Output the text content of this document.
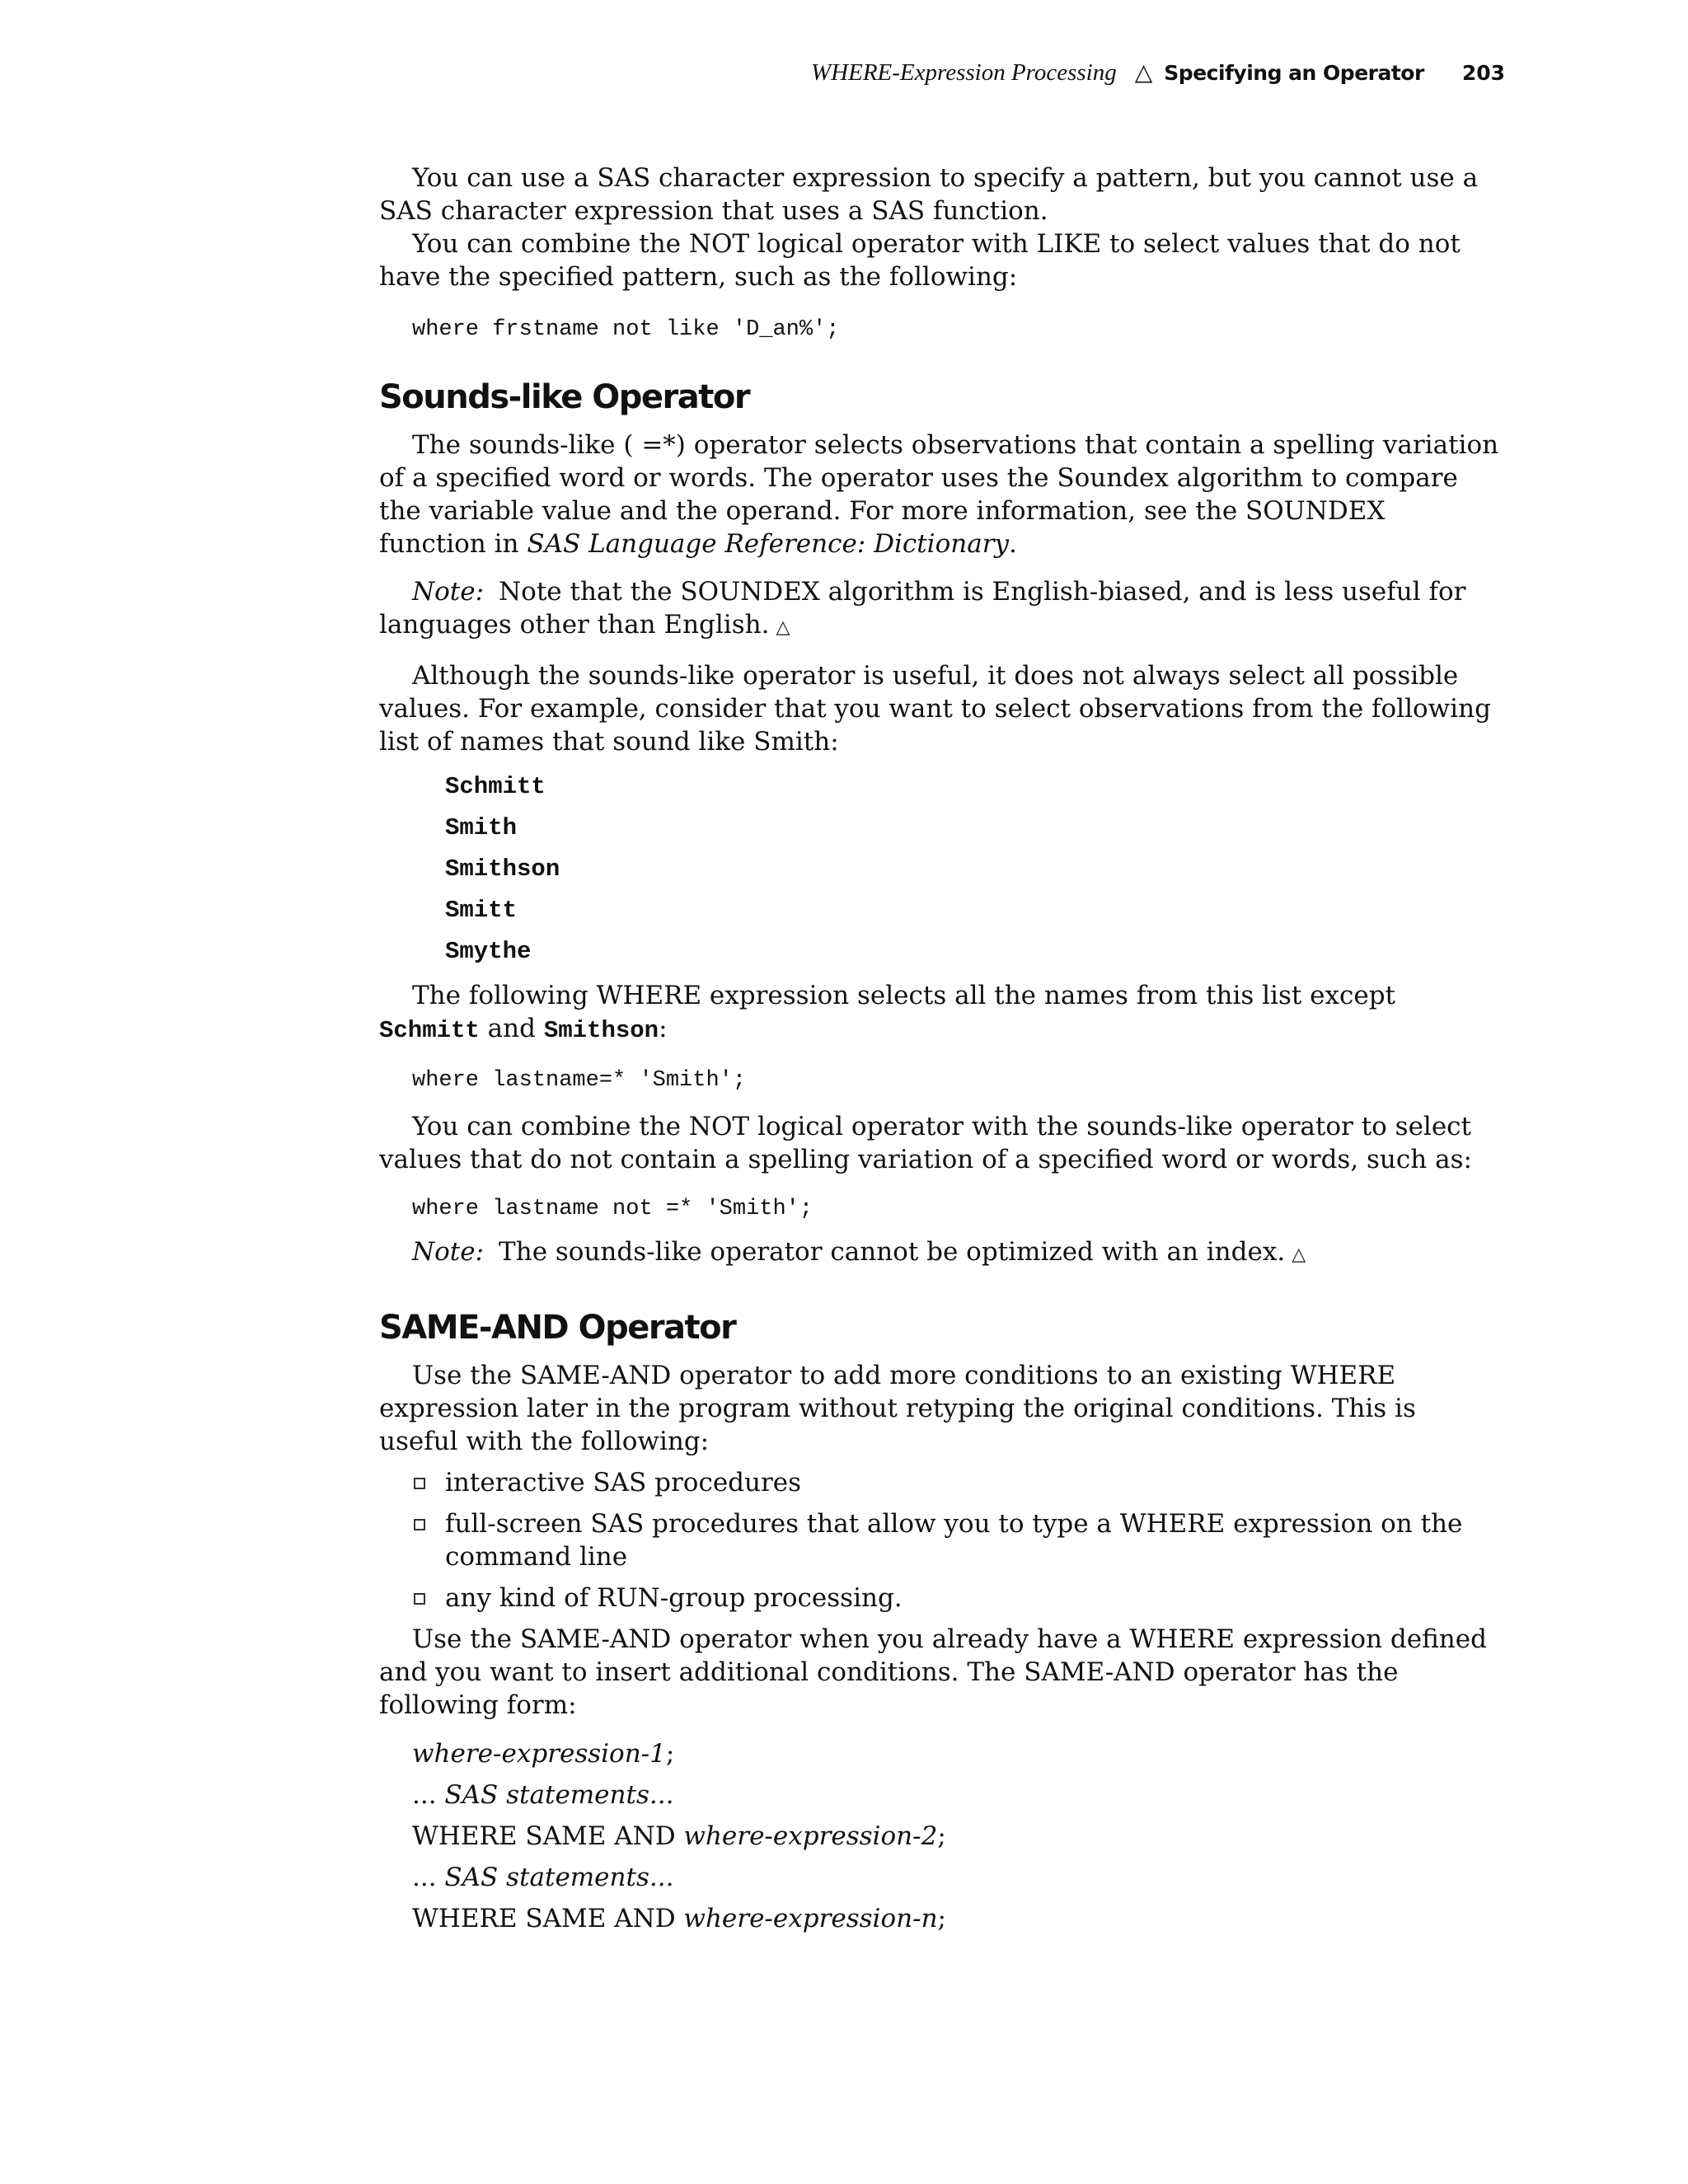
WHERE-Expression Processing △ Specifying an Operator 203

You can use a SAS character expression to specify a pattern, but you cannot use a SAS character expression that uses a SAS function.

You can combine the NOT logical operator with LIKE to select values that do not have the specified pattern, such as the following:

where frstname not like 'D_an%';
Sounds-like Operator

The sounds-like ( =*) operator selects observations that contain a spelling variation of a specified word or words. The operator uses the Soundex algorithm to compare the variable value and the operand. For more information, see the SOUNDEX function in SAS Language Reference: Dictionary.

Note: Note that the SOUNDEX algorithm is English-biased, and is less useful for languages other than English. △

Although the sounds-like operator is useful, it does not always select all possible values. For example, consider that you want to select observations from the following list of names that sound like Smith:

Schmitt
Smith
Smithson
Smitt
Smythe

The following WHERE expression selects all the names from this list except Schmitt and Smithson:

where lastname=* 'Smith';

You can combine the NOT logical operator with the sounds-like operator to select values that do not contain a spelling variation of a specified word or words, such as:

where lastname not =* 'Smith';

Note: The sounds-like operator cannot be optimized with an index. △

SAME-AND Operator

Use the SAME-AND operator to add more conditions to an existing WHERE expression later in the program without retyping the original conditions. This is useful with the following:

interactive SAS procedures
full-screen SAS procedures that allow you to type a WHERE expression on the command line
any kind of RUN-group processing.

Use the SAME-AND operator when you already have a WHERE expression defined and you want to insert additional conditions. The SAME-AND operator has the following form:

where-expression-1;
... SAS statements...
WHERE SAME AND where-expression-2;
... SAS statements...
WHERE SAME AND where-expression-n;
